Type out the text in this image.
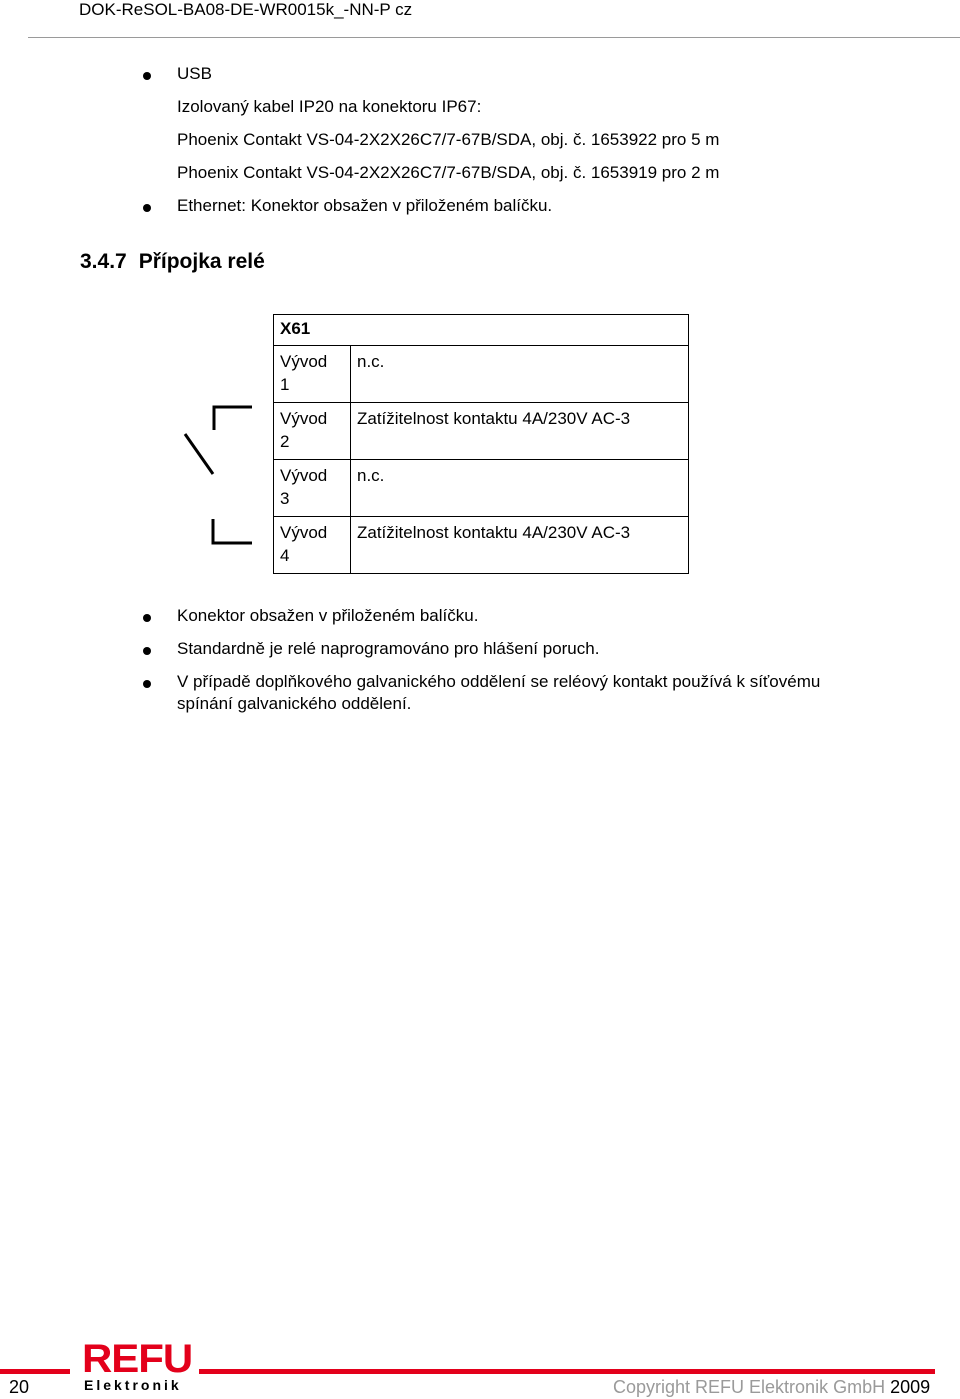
DOK-ReSOL-BA08-DE-WR0015k_-NN-P cz
USB
Izolovaný kabel IP20 na konektoru IP67:
Phoenix Contakt VS-04-2X2X26C7/7-67B/SDA, obj. č. 1653922 pro 5 m
Phoenix Contakt VS-04-2X2X26C7/7-67B/SDA, obj. č. 1653919 pro 2 m
Ethernet: Konektor obsažen v přiloženém balíčku.
3.4.7 Přípojka relé
X61	
Vývod
1	n.c.
Vývod
2	Zatížitelnost kontaktu 4A/230V AC-3
Vývod
3	n.c.
Vývod
4	Zatížitelnost kontaktu 4A/230V AC-3
Konektor obsažen v přiloženém balíčku.
Standardně je relé naprogramováno pro hlášení poruch.
V případě doplňkového galvanického oddělení se reléový kontakt používá k síťovému
spínání galvanického oddělení.
REFU
Elektronik
20	Copyright REFU Elektronik GmbH 2009
